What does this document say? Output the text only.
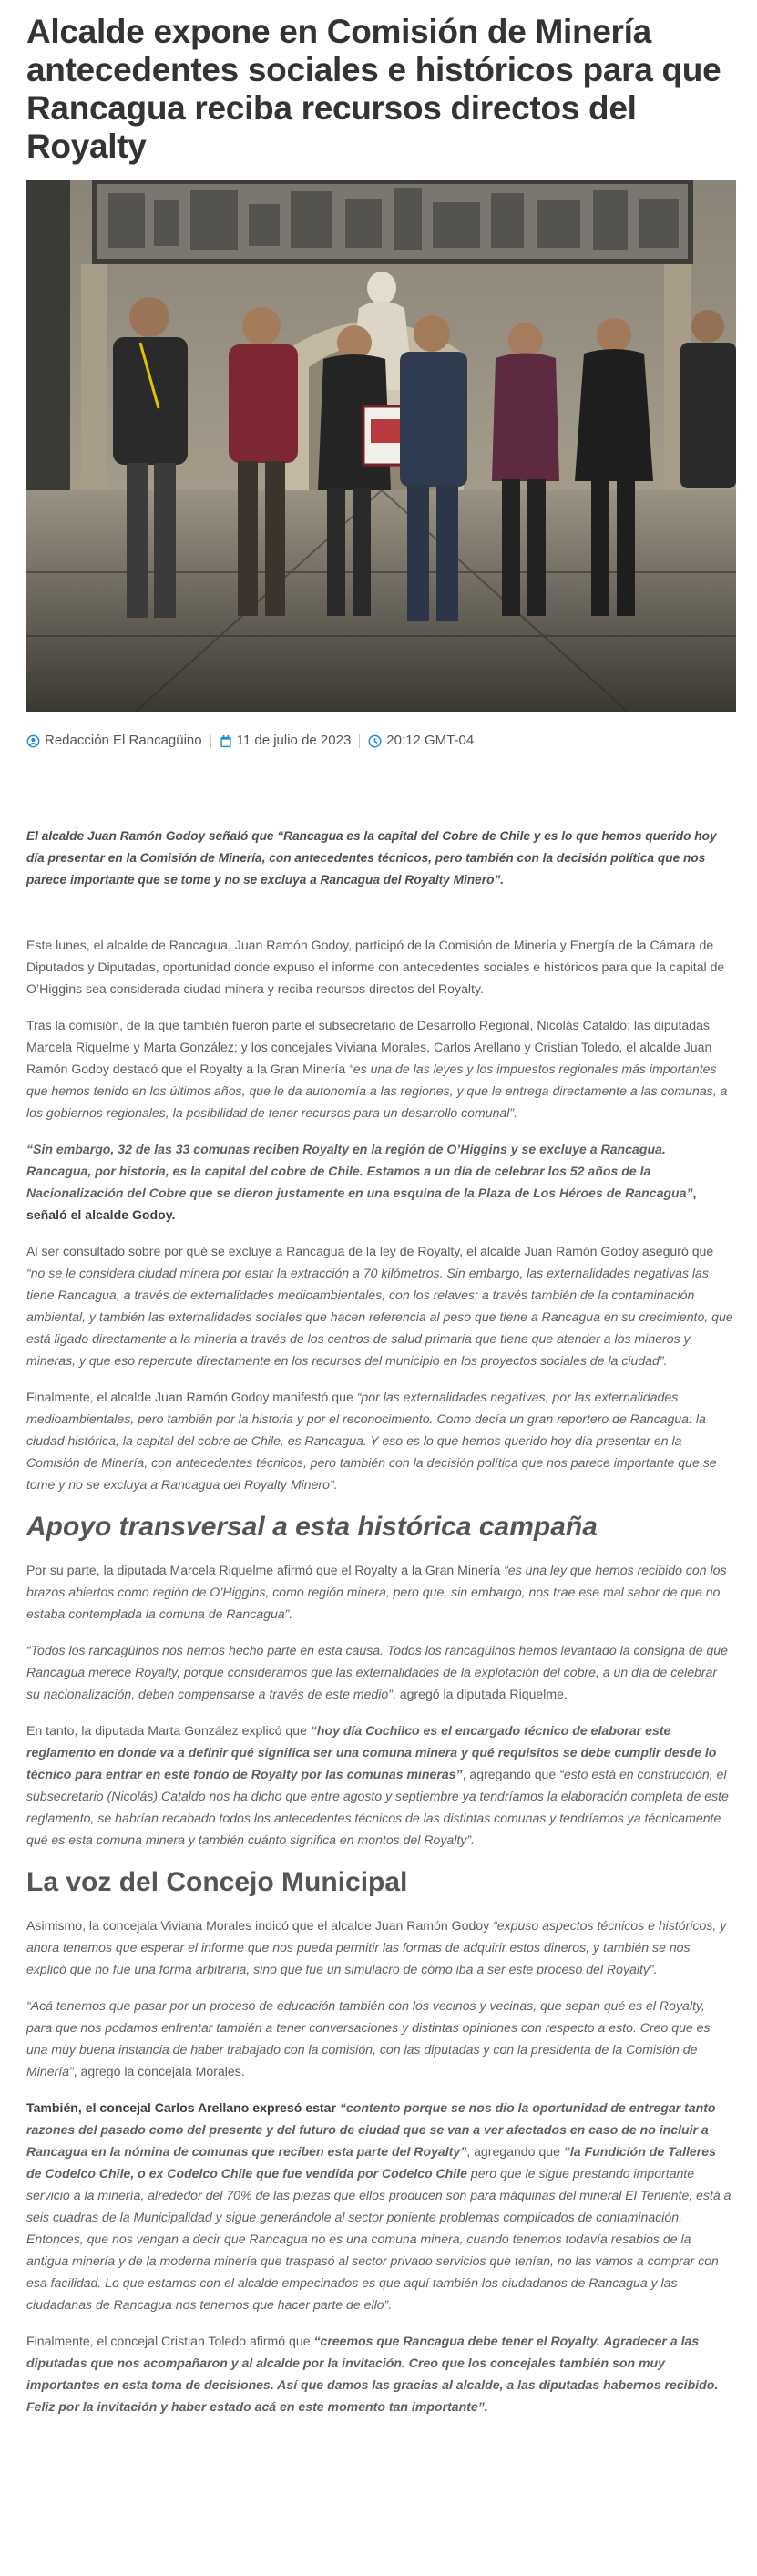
Alcalde expone en Comisión de Minería antecedentes sociales e históricos para que Rancagua reciba recursos directos del Royalty
Redacción El Rancagüino	11 de julio de 2023	20:12 GMT-04

El alcalde Juan Ramón Godoy señaló que “Rancagua es la capital del Cobre de Chile y es lo que hemos querido hoy día presentar en la Comisión de Minería, con antecedentes técnicos, pero también con la decisión política que nos parece importante que se tome y no se excluya a Rancagua del Royalty Minero”.

Este lunes, el alcalde de Rancagua, Juan Ramón Godoy, participó de la Comisión de Minería y Energía de la Cámara de Diputados y Diputadas, oportunidad donde expuso el informe con antecedentes sociales e históricos para que la capital de O’Higgins sea considerada ciudad minera y reciba recursos directos del Royalty.

Tras la comisión, de la que también fueron parte el subsecretario de Desarrollo Regional, Nicolás Cataldo; las diputadas Marcela Riquelme y Marta González; y los concejales Viviana Morales, Carlos Arellano y Cristian Toledo, el alcalde Juan Ramón Godoy destacó que el Royalty a la Gran Minería “es una de las leyes y los impuestos regionales más importantes que hemos tenido en los últimos años, que le da autonomía a las regiones, y que le entrega directamente a las comunas, a los gobiernos regionales, la posibilidad de tener recursos para un desarrollo comunal”.

“Sin embargo, 32 de las 33 comunas reciben Royalty en la región de O’Higgins y se excluye a Rancagua. Rancagua, por historia, es la capital del cobre de Chile. Estamos a un día de celebrar los 52 años de la Nacionalización del Cobre que se dieron justamente en una esquina de la Plaza de Los Héroes de Rancagua”, señaló el alcalde Godoy.

Al ser consultado sobre por qué se excluye a Rancagua de la ley de Royalty, el alcalde Juan Ramón Godoy aseguró que “no se le considera ciudad minera por estar la extracción a 70 kilómetros. Sin embargo, las externalidades negativas las tiene Rancagua, a través de externalidades medioambientales, con los relaves; a través también de la contaminación ambiental, y también las externalidades sociales que hacen referencia al peso que tiene a Rancagua en su crecimiento, que está ligado directamente a la minería a través de los centros de salud primaria que tiene que atender a los mineros y mineras, y que eso repercute directamente en los recursos del municipio en los proyectos sociales de la ciudad”.

Finalmente, el alcalde Juan Ramón Godoy manifestó que “por las externalidades negativas, por las externalidades medioambientales, pero también por la historia y por el reconocimiento. Como decía un gran reportero de Rancagua: la ciudad histórica, la capital del cobre de Chile, es Rancagua. Y eso es lo que hemos querido hoy día presentar en la Comisión de Minería, con antecedentes técnicos, pero también con la decisión política que nos parece importante que se tome y no se excluya a Rancagua del Royalty Minero”.

Apoyo transversal a esta histórica campaña

Por su parte, la diputada Marcela Riquelme afirmó que el Royalty a la Gran Minería “es una ley que hemos recibido con los brazos abiertos como región de O’Higgins, como región minera, pero que, sin embargo, nos trae ese mal sabor de que no estaba contemplada la comuna de Rancagua”.

“Todos los rancagüinos nos hemos hecho parte en esta causa. Todos los rancagüinos hemos levantado la consigna de que Rancagua merece Royalty, porque consideramos que las externalidades de la explotación del cobre, a un día de celebrar su nacionalización, deben compensarse a través de este medio”, agregó la diputada Riquelme.

En tanto, la diputada Marta González explicó que “hoy día Cochilco es el encargado técnico de elaborar este reglamento en donde va a definir qué significa ser una comuna minera y qué requisitos se debe cumplir desde lo técnico para entrar en este fondo de Royalty por las comunas mineras”, agregando que “esto está en construcción, el subsecretario (Nicolás) Cataldo nos ha dicho que entre agosto y septiembre ya tendríamos la elaboración completa de este reglamento, se habrían recabado todos los antecedentes técnicos de las distintas comunas y tendríamos ya técnicamente qué es esta comuna minera y también cuánto significa en montos del Royalty”.

La voz del Concejo Municipal

Asimismo, la concejala Viviana Morales indicó que el alcalde Juan Ramón Godoy “expuso aspectos técnicos e históricos, y ahora tenemos que esperar el informe que nos pueda permitir las formas de adquirir estos dineros, y también se nos explicó que no fue una forma arbitraria, sino que fue un simulacro de cómo iba a ser este proceso del Royalty”.

“Acá tenemos que pasar por un proceso de educación también con los vecinos y vecinas, que sepan qué es el Royalty, para que nos podamos enfrentar también a tener conversaciones y distintas opiniones con respecto a esto. Creo que es una muy buena instancia de haber trabajado con la comisión, con las diputadas y con la presidenta de la Comisión de Minería”, agregó la concejala Morales.

También, el concejal Carlos Arellano expresó estar “contento porque se nos dio la oportunidad de entregar tanto razones del pasado como del presente y del futuro de ciudad que se van a ver afectados en caso de no incluir a Rancagua en la nómina de comunas que reciben esta parte del Royalty”, agregando que “la Fundición de Talleres de Codelco Chile, o ex Codelco Chile que fue vendida por Codelco Chile pero que le sigue prestando importante servicio a la minería, alrededor del 70% de las piezas que ellos producen son para máquinas del mineral El Teniente, está a seis cuadras de la Municipalidad y sigue generándole al sector poniente problemas complicados de contaminación. Entonces, que nos vengan a decir que Rancagua no es una comuna minera, cuando tenemos todavía resabios de la antigua minería y de la moderna minería que traspasó al sector privado servicios que tenían, no las vamos a comprar con esa facilidad. Lo que estamos con el alcalde empecinados es que aquí también los ciudadanos de Rancagua y las ciudadanas de Rancagua nos tenemos que hacer parte de ello”.

Finalmente, el concejal Cristian Toledo afirmó que “creemos que Rancagua debe tener el Royalty. Agradecer a las diputadas que nos acompañaron y al alcalde por la invitación. Creo que los concejales también son muy importantes en esta toma de decisiones. Así que damos las gracias al alcalde, a las diputadas habernos recibido. Feliz por la invitación y haber estado acá en este momento tan importante”.
